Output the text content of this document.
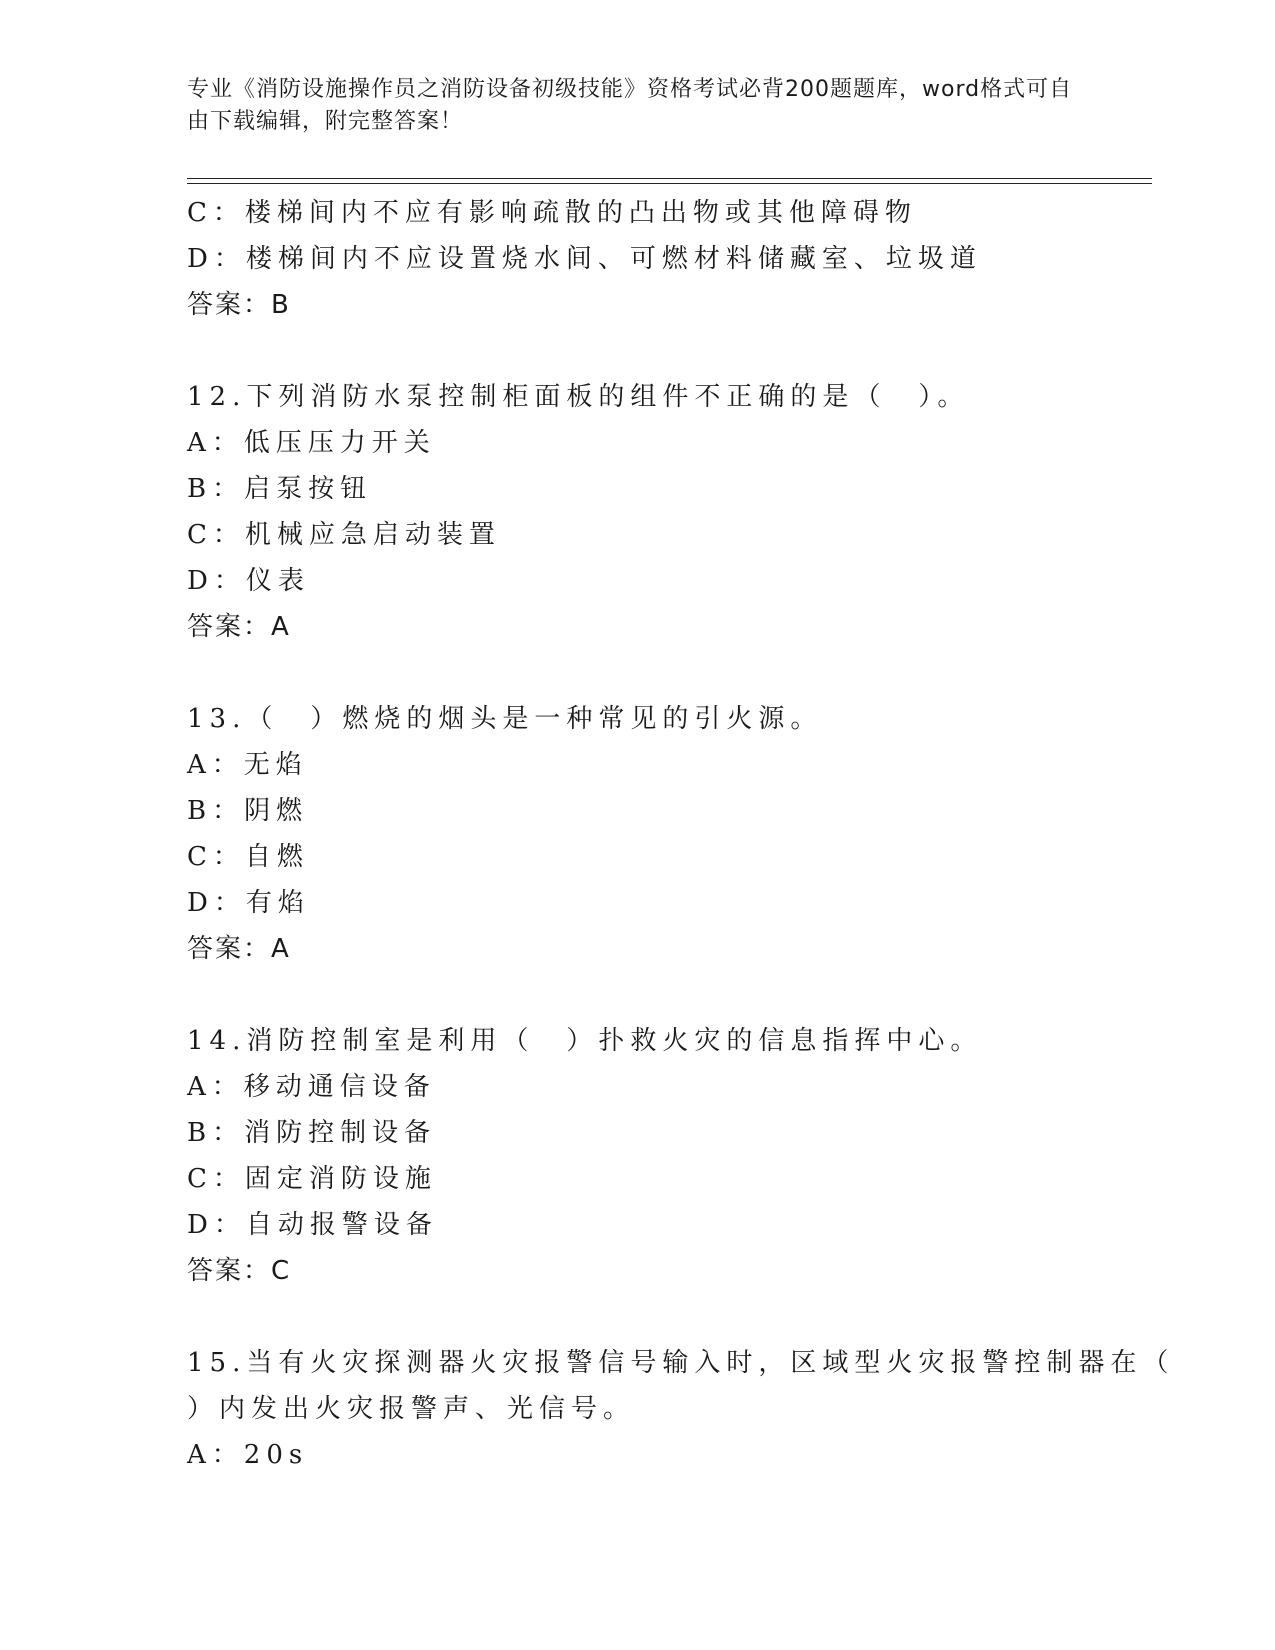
专业《消防设施操作员之消防设备初级技能》资格考试必背200题题库，word格式可自由下载编辑，附完整答案！
C：楼梯间内不应有影响疏散的凸出物或其他障碍物
D：楼梯间内不应设置烧水间、可燃材料储藏室、垃圾道
答案：B
12.下列消防水泵控制柜面板的组件不正确的是（　）。
A：低压压力开关
B：启泵按钮
C：机械应急启动装置
D：仪表
答案：A
13.（　）燃烧的烟头是一种常见的引火源。
A：无焰
B：阴燃
C：自燃
D：有焰
答案：A
14.消防控制室是利用（　）扑救火灾的信息指挥中心。
A：移动通信设备
B：消防控制设备
C：固定消防设施
D：自动报警设备
答案：C
15.当有火灾探测器火灾报警信号输入时，区域型火灾报警控制器在（
）内发出火灾报警声、光信号。
A：20s
